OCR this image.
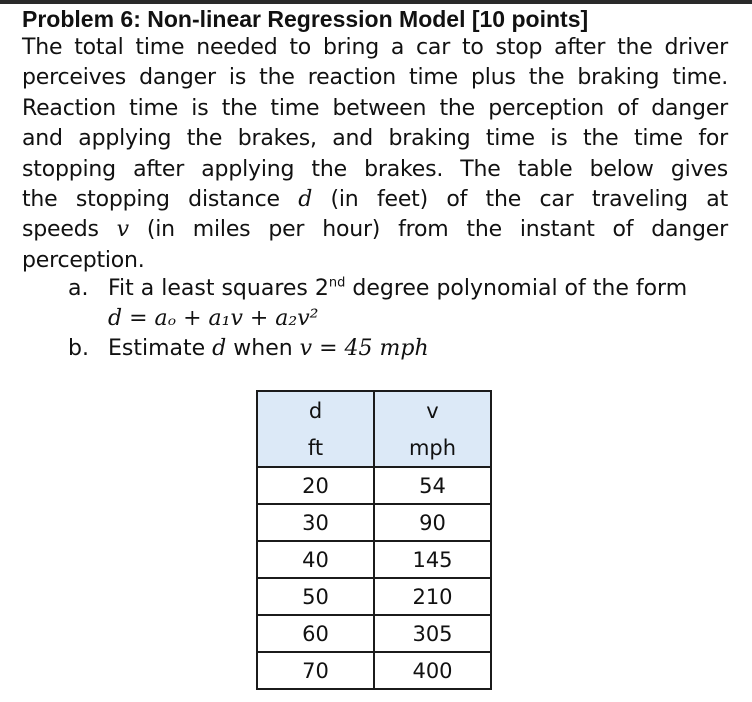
Problem 6: Non-linear Regression Model [10 points]
The total time needed to bring a car to stop after the driver
perceives danger is the reaction time plus the braking time.
Reaction time is the time between the perception of danger
and applying the brakes, and braking time is the time for
stopping after applying the brakes. The table below gives
the stopping distance d (in feet) of the car traveling at
speeds v (in miles per hour) from the instant of danger
perception.
a. Fit a least squares 2nd degree polynomial of the form
d = aₒ + a₁v + a₂v²
b. Estimate d when v = 45 mph
d	v
ft	mph
20	54
30	90
40	145
50	210
60	305
70	400
